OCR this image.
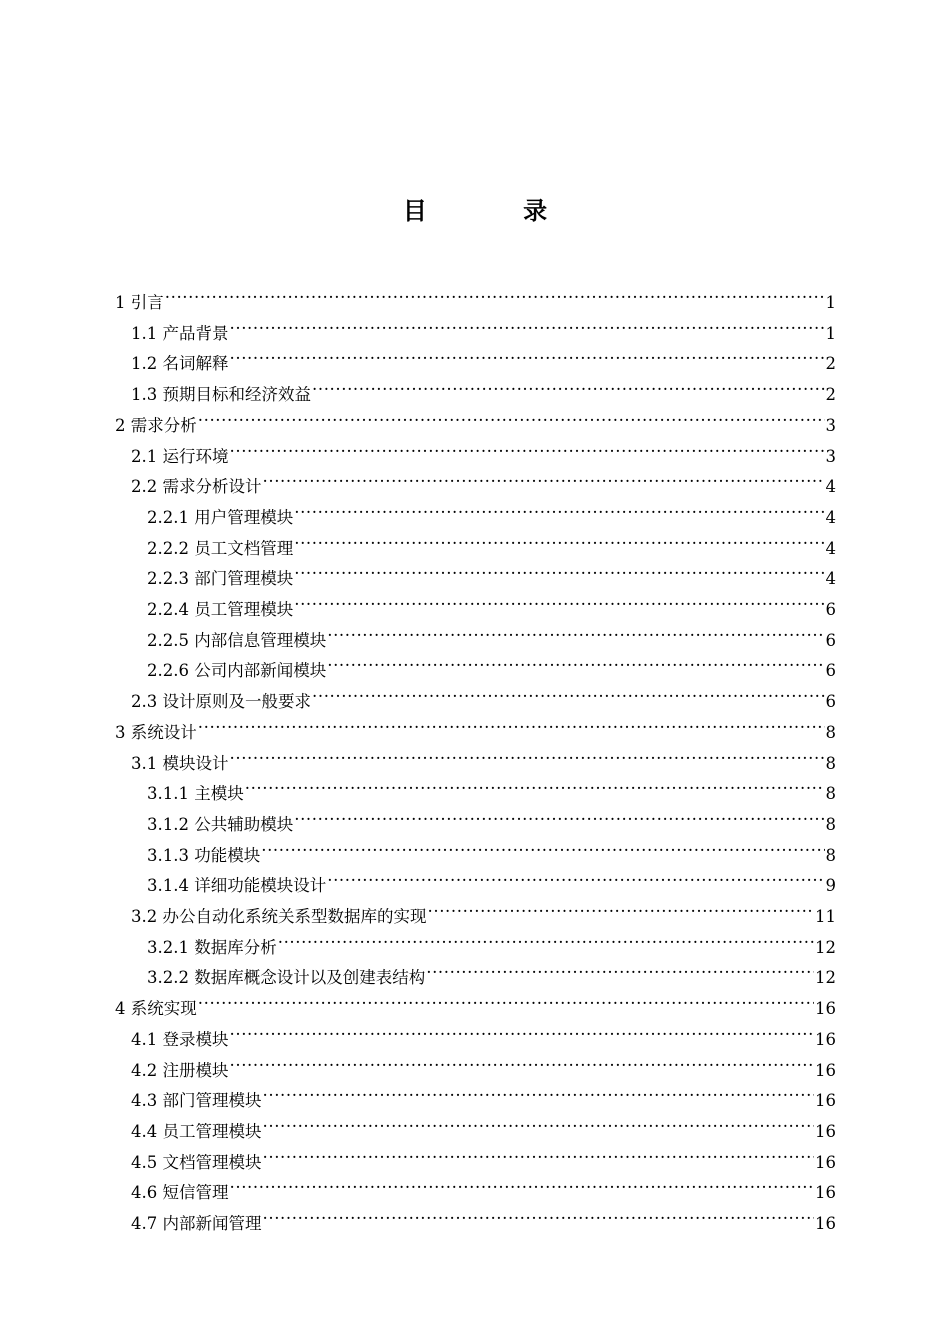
目 录
1 引言 .....	1
1.1 产品背景 .....	1
1.2 名词解释 .....	2
1.3 预期目标和经济效益 .....	2
2 需求分析 .....	3
2.1 运行环境 .....	3
2.2 需求分析设计 .....	4
2.2.1 用户管理模块 .....	4
2.2.2 员工文档管理 .....	4
2.2.3 部门管理模块 .....	4
2.2.4 员工管理模块 .....	6
2.2.5 内部信息管理模块 .....	6
2.2.6 公司内部新闻模块 .....	6
2.3 设计原则及一般要求 .....	6
3 系统设计 .....	8
3.1 模块设计 .....	8
3.1.1 主模块 .....	8
3.1.2 公共辅助模块 .....	8
3.1.3 功能模块 .....	8
3.1.4 详细功能模块设计 .....	9
3.2 办公自动化系统关系型数据库的实现 .....	11
3.2.1 数据库分析 .....	12
3.2.2 数据库概念设计以及创建表结构 .....	12
4 系统实现 .....	16
4.1 登录模块 .....	16
4.2 注册模块 .....	16
4.3 部门管理模块 .....	16
4.4 员工管理模块 .....	16
4.5 文档管理模块 .....	16
4.6 短信管理 .....	16
4.7 内部新闻管理 .....	16
